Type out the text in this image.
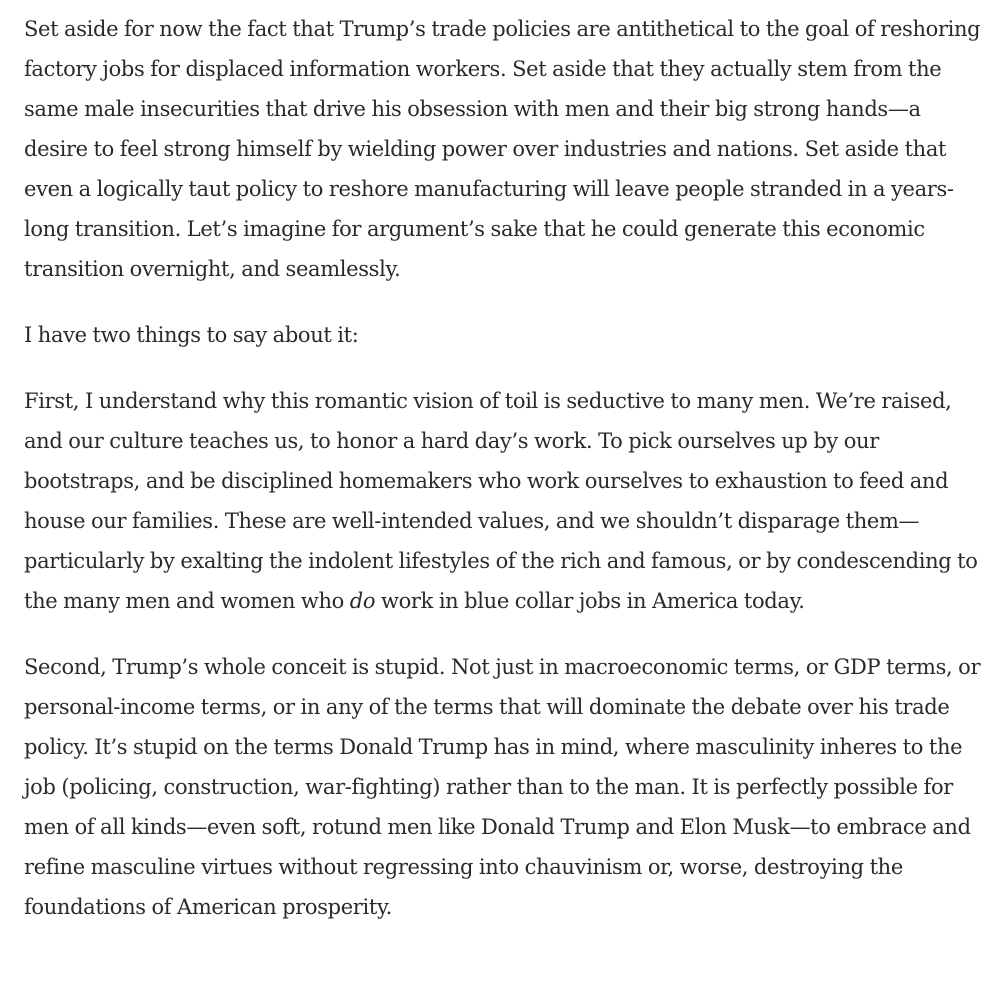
Set aside for now the fact that Trump’s trade policies are antithetical to the goal of reshoring factory jobs for displaced information workers. Set aside that they actually stem from the same male insecurities that drive his obsession with men and their big strong hands—a desire to feel strong himself by wielding power over industries and nations. Set aside that even a logically taut policy to reshore manufacturing will leave people stranded in a years-long transition. Let’s imagine for argument’s sake that he could generate this economic transition overnight, and seamlessly.

I have two things to say about it:

First, I understand why this romantic vision of toil is seductive to many men. We’re raised, and our culture teaches us, to honor a hard day’s work. To pick ourselves up by our bootstraps, and be disciplined homemakers who work ourselves to exhaustion to feed and house our families. These are well-intended values, and we shouldn’t disparage them—particularly by exalting the indolent lifestyles of the rich and famous, or by condescending to the many men and women who do work in blue collar jobs in America today.

Second, Trump’s whole conceit is stupid. Not just in macroeconomic terms, or GDP terms, or personal-income terms, or in any of the terms that will dominate the debate over his trade policy. It’s stupid on the terms Donald Trump has in mind, where masculinity inheres to the job (policing, construction, war-fighting) rather than to the man. It is perfectly possible for men of all kinds—even soft, rotund men like Donald Trump and Elon Musk—to embrace and refine masculine virtues without regressing into chauvinism or, worse, destroying the foundations of American prosperity.
